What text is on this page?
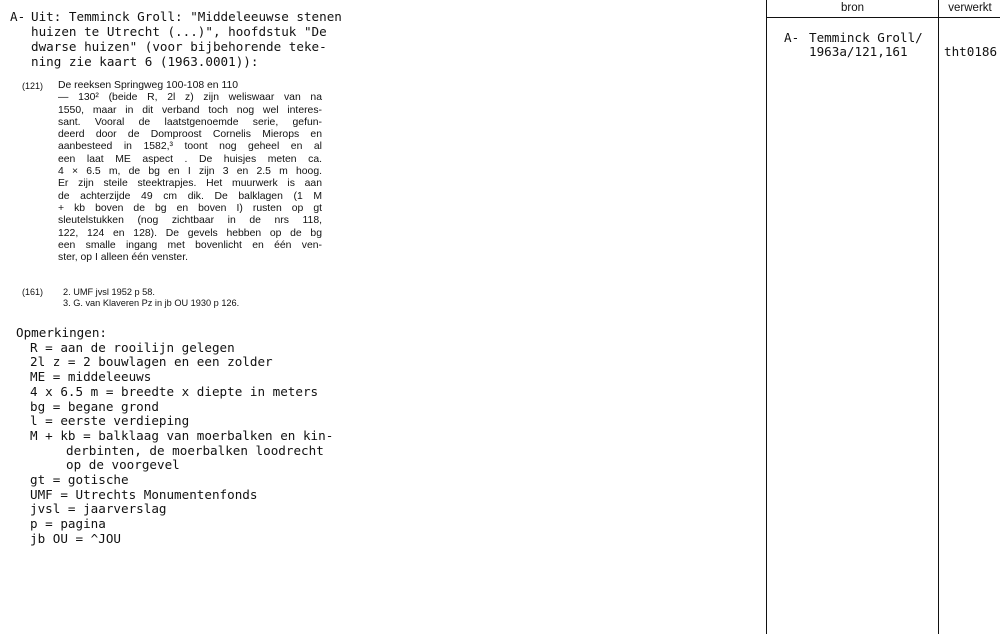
A- Uit: Temminck Groll: "Middeleeuwse stenen
huizen te Utrecht (...)", hoofdstuk "De
dwarse huizen" (voor bijbehorende teke-
ning zie kaart 6 (1963.0001)):
(121) De reeksen Springweg 100-108 en 110
— 130² (beide R, 2l z) zijn weliswaar van na
1550, maar in dit verband toch nog wel interes-
sant. Vooral de laatstgenoemde serie, gefun-
deerd door de Domproost Cornelis Mierops en
aanbesteed in 1582,³ toont nog geheel en al
een laat ME aspect . De huisjes meten ca.
4 × 6.5 m, de bg en I zijn 3 en 2.5 m hoog.
Er zijn steile steektrapjes. Het muurwerk is aan
de achterzijde 49 cm dik. De balklagen (1 M
+ kb boven de bg en boven I) rusten op gt
sleutelstukken (nog zichtbaar in de nrs 118,
122, 124 en 128). De gevels hebben op de bg
een smalle ingang met bovenlicht en één ven-
ster, op I alleen één venster.
(161) 2. UMF jvsl 1952 p 58.
3. G. van Klaveren Pz in jb OU 1930 p 126.
Opmerkingen:
R = aan de rooilijn gelegen
2l z = 2 bouwlagen en een zolder
ME = middeleeuws
4 x 6.5 m = breedte x diepte in meters
bg = begane grond
l = eerste verdieping
M + kb = balklaag van moerbalken en kin-
derbinten, de moerbalken loodrecht
op de voorgevel
gt = gotische
UMF = Utrechts Monumentenfonds
jvsl = jaarverslag
p = pagina
jb OU = ^JOU
bron	verwerkt
A- Temminck Groll/
1963a/121,161	tht0186
